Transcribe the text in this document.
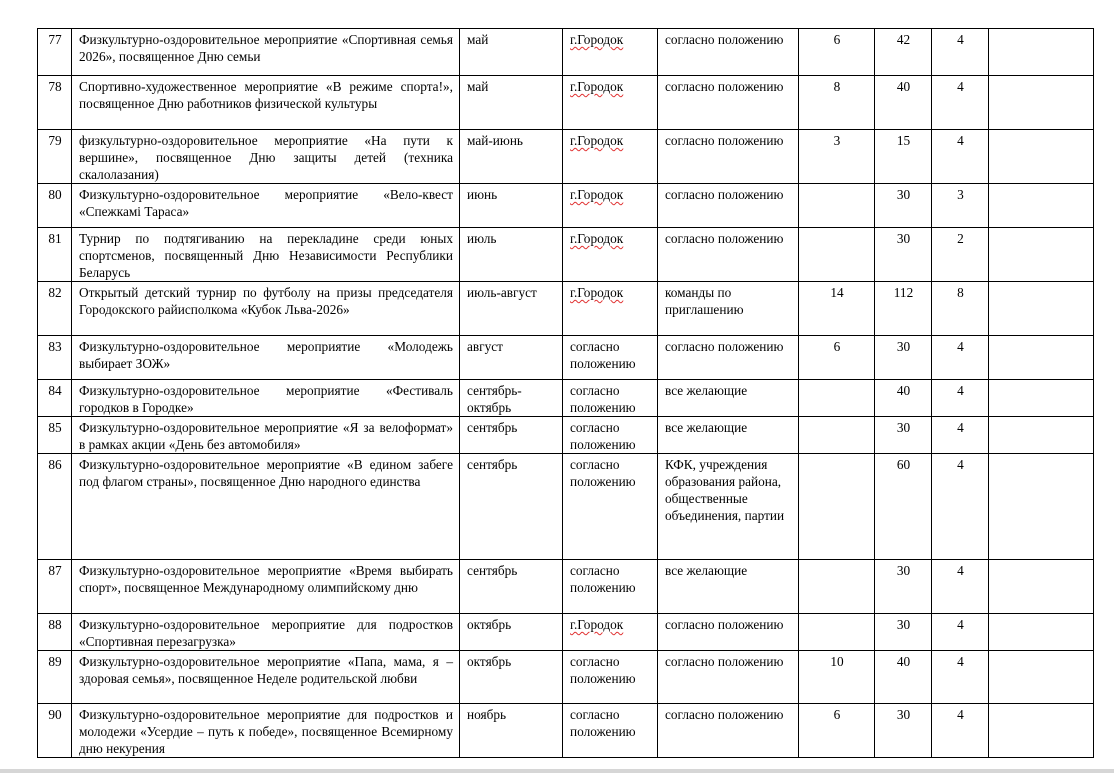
77	Физкультурно-оздоровительное мероприятие «Спортивная семья 2026», посвященное Дню семьи	май	г.Городок	согласно положению	6	42	4	
78	Спортивно-художественное мероприятие «В режиме спорта!», посвященное Дню работников физической культуры	май	г.Городок	согласно положению	8	40	4	
79	физкультурно-оздоровительное мероприятие «На пути к вершине», посвященное Дню защиты детей (техника скалолазания)	май-июнь	г.Городок	согласно положению	3	15	4	
80	Физкультурно-оздоровительное мероприятие «Вело-квест «Спежкамі Тараса»	июнь	г.Городок	согласно положению		30	3	
81	Турнир по подтягиванию на перекладине среди юных спортсменов, посвященный Дню Независимости Республики Беларусь	июль	г.Городок	согласно положению		30	2	
82	Открытый детский турнир по футболу на призы председателя Городокского райисполкома «Кубок Льва-2026»	июль-август	г.Городок	команды по приглашению	14	112	8	
83	Физкультурно-оздоровительное мероприятие «Молодежь выбирает ЗОЖ»	август	согласно положению	согласно положению	6	30	4	
84	Физкультурно-оздоровительное мероприятие «Фестиваль городков в Городке»	сентябрь-октябрь	согласно положению	все желающие		40	4	
85	Физкультурно-оздоровительное мероприятие «Я за велоформат» в рамках акции «День без автомобиля»	сентябрь	согласно положению	все желающие		30	4	
86	Физкультурно-оздоровительное мероприятие «В едином забеге под флагом страны», посвященное Дню народного единства	сентябрь	согласно положению	КФК, учреждения образования района, общественные объединения, партии		60	4	
87	Физкультурно-оздоровительное мероприятие «Время выбирать спорт», посвященное Международному олимпийскому дню	сентябрь	согласно положению	все желающие		30	4	
88	Физкультурно-оздоровительное мероприятие для подростков «Спортивная перезагрузка»	октябрь	г.Городок	согласно положению		30	4	
89	Физкультурно-оздоровительное мероприятие «Папа, мама, я – здоровая семья», посвященное Неделе родительской любви	октябрь	согласно положению	согласно положению	10	40	4	
90	Физкультурно-оздоровительное мероприятие для подростков и молодежи «Усердие – путь к победе», посвященное Всемирному дню некурения	ноябрь	согласно положению	согласно положению	6	30	4	
